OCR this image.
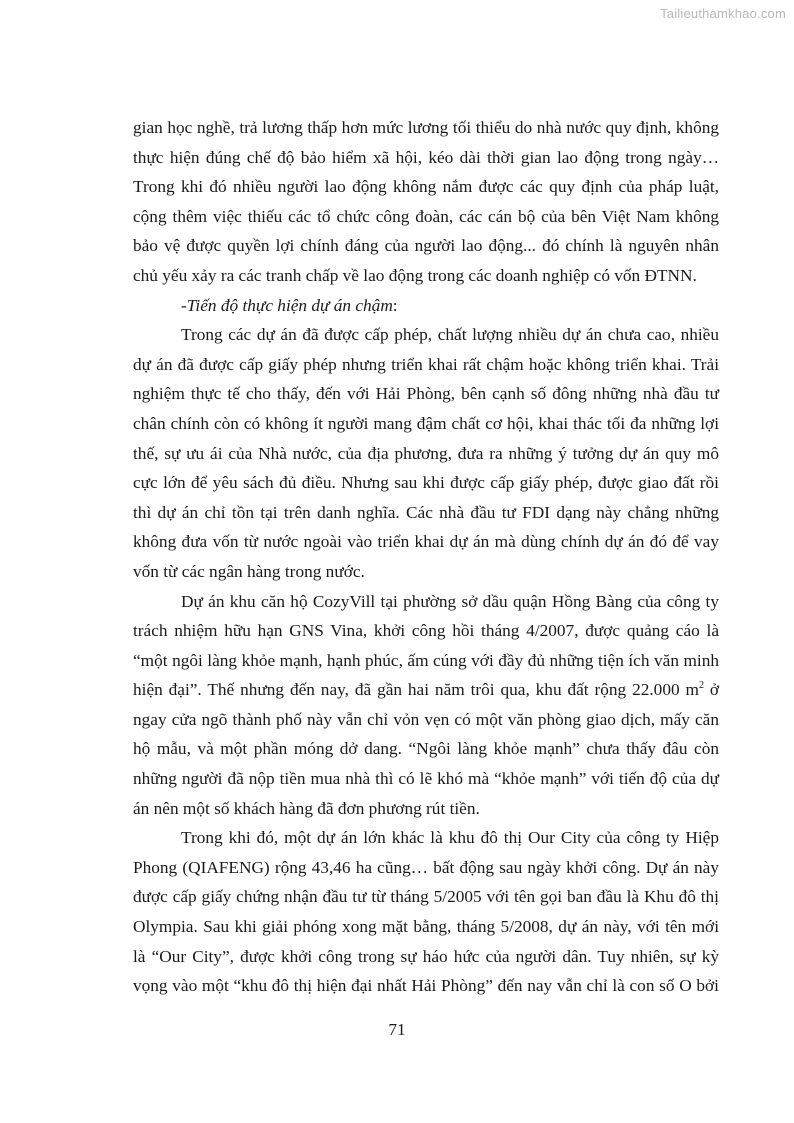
Tailieuthamkhao.com
gian học nghề, trả lương thấp hơn mức lương tối thiểu do nhà nước quy định, không
thực hiện đúng chế độ bảo hiểm xã hội, kéo dài thời gian lao động trong ngày…
Trong khi đó nhiều người lao động không nắm được các quy định của pháp luật,
cộng thêm việc thiếu các tổ chức công đoàn, các cán bộ của bên Việt Nam không
bảo vệ được quyền lợi chính đáng của người lao động... đó chính là nguyên nhân
chủ yếu xảy ra các tranh chấp về lao động trong các doanh nghiệp có vốn ĐTNN.
-Tiến độ thực hiện dự án chậm:
Trong các dự án đã được cấp phép, chất lượng nhiều dự án chưa cao, nhiều
dự án đã được cấp giấy phép nhưng triển khai rất chậm hoặc không triển khai. Trải
nghiệm thực tế cho thấy, đến với Hải Phòng, bên cạnh số đông những nhà đầu tư
chân chính còn có không ít người mang đậm chất cơ hội, khai thác tối đa những lợi
thế, sự ưu ái của Nhà nước, của địa phương, đưa ra những ý tưởng dự án quy mô
cực lớn để yêu sách đủ điều. Nhưng sau khi được cấp giấy phép, được giao đất rồi
thì dự án chỉ tồn tại trên danh nghĩa. Các nhà đầu tư FDI dạng này chẳng những
không đưa vốn từ nước ngoài vào triển khai dự án mà dùng chính dự án đó để vay
vốn từ các ngân hàng trong nước.
Dự án khu căn hộ CozyVill tại phường sở dầu quận Hồng Bàng của công ty
trách nhiệm hữu hạn GNS Vina, khởi công hồi tháng 4/2007, được quảng cáo là
“một ngôi làng khỏe mạnh, hạnh phúc, ấm cúng với đầy đủ những tiện ích văn minh
hiện đại”. Thế nhưng đến nay, đã gần hai năm trôi qua, khu đất rộng 22.000 $m^2$ ở
ngay cửa ngõ thành phố này vẫn chỉ vỏn vẹn có một văn phòng giao dịch, mấy căn
hộ mẫu, và một phần móng dở dang. “Ngôi làng khỏe mạnh” chưa thấy đâu còn
những người đã nộp tiền mua nhà thì có lẽ khó mà “khỏe mạnh” với tiến độ của dự
án nên một số khách hàng đã đơn phương rút tiền.
Trong khi đó, một dự án lớn khác là khu đô thị Our City của công ty Hiệp
Phong (QIAFENG) rộng 43,46 ha cũng… bất động sau ngày khởi công. Dự án này
được cấp giấy chứng nhận đầu tư từ tháng 5/2005 với tên gọi ban đầu là Khu đô thị
Olympia. Sau khi giải phóng xong mặt bằng, tháng 5/2008, dự án này, với tên mới
là “Our City”, được khởi công trong sự háo hức của người dân. Tuy nhiên, sự kỳ
vọng vào một “khu đô thị hiện đại nhất Hải Phòng” đến nay vẫn chỉ là con số O bởi
71
